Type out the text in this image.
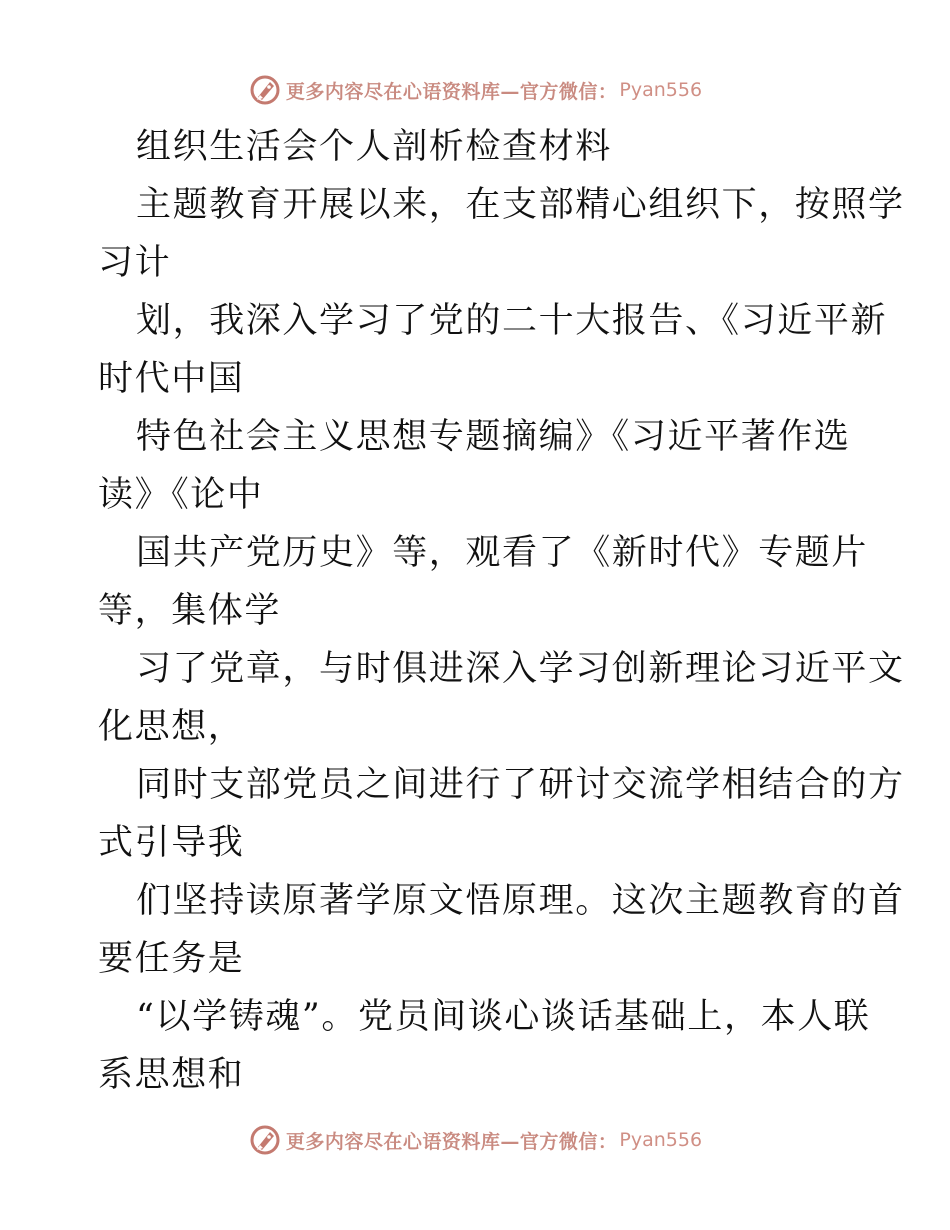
更多内容尽在心语资料库—官方微信： Pyan556
组织生活会个人剖析检查材料
主题教育开展以来，在支部精心组织下，按照学
习计
划，我深入学习了党的二十大报告、《习近平新
时代中国
特色社会主义思想专题摘编》《习近平著作选
读》《论中
国共产党历史》等，观看了《新时代》专题片
等，集体学
习了党章，与时俱进深入学习创新理论习近平文
化思想，
同时支部党员之间进行了研讨交流学相结合的方
式引导我
们坚持读原著学原文悟原理。这次主题教育的首
要任务是
“以学铸魂”。党员间谈心谈话基础上，本人联
系思想和
更多内容尽在心语资料库—官方微信： Pyan556
